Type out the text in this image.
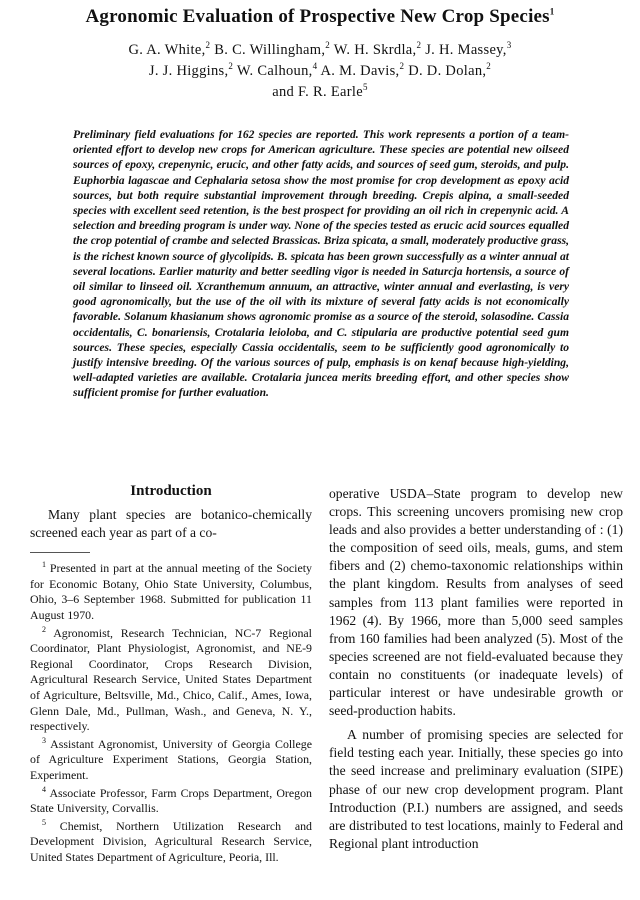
Agronomic Evaluation of Prospective New Crop Species$^1$
G. A. White,$^2$ B. C. Willingham,$^2$ W. H. Skrdla,$^2$ J. H. Massey,$^3$
J. J. Higgins,$^2$ W. Calhoun,$^4$ A. M. Davis,$^2$ D. D. Dolan,$^2$
and F. R. Earle$^5$

Preliminary field evaluations for 162 species are reported. This work represents a portion of a team-oriented effort to develop new crops for American agriculture. These species are potential new oilseed sources of epoxy, crepenynic, erucic, and other fatty acids, and sources of seed gum, steroids, and pulp. Euphorbia lagascae and Cephalaria setosa show the most promise for crop development as epoxy acid sources, but both require substantial improvement through breeding. Crepis alpina, a small-seeded species with excellent seed retention, is the best prospect for providing an oil rich in crepenynic acid. A selection and breeding program is under way. None of the species tested as erucic acid sources equalled the crop potential of crambe and selected Brassicas. Briza spicata, a small, moderately productive grass, is the richest known source of glycolipids. B. spicata has been grown successfully as a winter annual at several locations. Earlier maturity and better seedling vigor is needed in Saturcja hortensis, a source of oil similar to linseed oil. Xcranthemum annuum, an attractive, winter annual and everlasting, is very good agronomically, but the use of the oil with its mixture of several fatty acids is not economically favorable. Solanum khasianum shows agronomic promise as a source of the steroid, solasodine. Cassia occidentalis, C. bonariensis, Crotalaria leioloba, and C. stipularia are productive potential seed gum sources. These species, especially Cassia occidentalis, seem to be sufficiently good agronomically to justify intensive breeding. Of the various sources of pulp, emphasis is on kenaf because high-yielding, well-adapted varieties are available. Crotalaria juncea merits breeding effort, and other species show sufficient promise for further evaluation.

Introduction

Many plant species are botanico-chemically screened each year as part of a co-

$^1$ Presented in part at the annual meeting of the Society for Economic Botany, Ohio State University, Columbus, Ohio, 3–6 September 1968. Submitted for publication 11 August 1970.

$^2$ Agronomist, Research Technician, NC-7 Regional Coordinator, Plant Physiologist, Agronomist, and NE-9 Regional Coordinator, Crops Research Division, Agricultural Research Service, United States Department of Agriculture, Beltsville, Md., Chico, Calif., Ames, Iowa, Glenn Dale, Md., Pullman, Wash., and Geneva, N. Y., respectively.

$^3$ Assistant Agronomist, University of Georgia College of Agriculture Experiment Stations, Georgia Station, Experiment.

$^4$ Associate Professor, Farm Crops Department, Oregon State University, Corvallis.

$^5$ Chemist, Northern Utilization Research and Development Division, Agricultural Research Service, United States Department of Agriculture, Peoria, Ill.

operative USDA–State program to develop new crops. This screening uncovers promising new crop leads and also provides a better understanding of : (1) the composition of seed oils, meals, gums, and stem fibers and (2) chemo-taxonomic relationships within the plant kingdom. Results from analyses of seed samples from 113 plant families were reported in 1962 (4). By 1966, more than 5,000 seed samples from 160 families had been analyzed (5). Most of the species screened are not field-evaluated because they contain no constituents (or inadequate levels) of particular interest or have undesirable growth or seed-production habits.

A number of promising species are selected for field testing each year. Initially, these species go into the seed increase and preliminary evaluation (SIPE) phase of our new crop development program. Plant Introduction (P.I.) numbers are assigned, and seeds are distributed to test locations, mainly to Federal and Regional plant introduction
